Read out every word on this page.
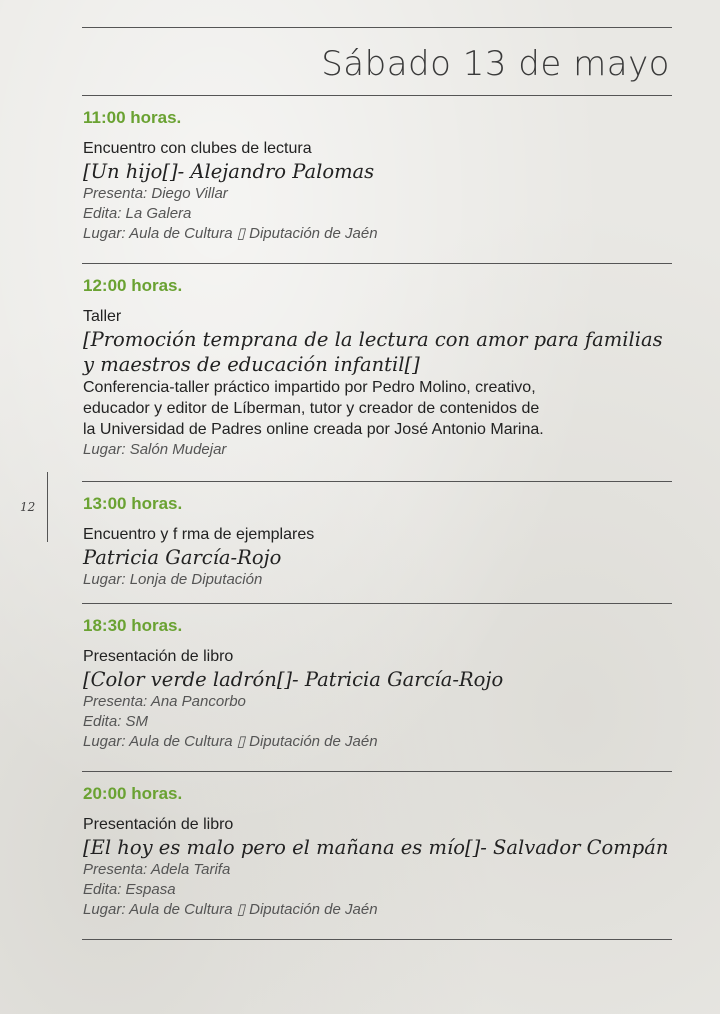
Sábado 13 de mayo
12
11:00 horas.
Encuentro con clubes de lectura
[Un hijo[]- Alejandro Palomas
Presenta: Diego Villar
Edita: La Galera
Lugar: Aula de Cultura ▯ Diputación de Jaén
12:00 horas.
Taller
[Promoción temprana de la lectura con amor para familias
y maestros de educación infantil[]
Conferencia-taller práctico impartido por Pedro Molino, creativo,
educador y editor de Líberman, tutor y creador de contenidos de
la Universidad de Padres online creada por José Antonio Marina.
Lugar: Salón Mudejar
13:00 horas.
Encuentro y f rma de ejemplares
Patricia García-Rojo
Lugar: Lonja de Diputación
18:30 horas.
Presentación de libro
[Color verde ladrón[]- Patricia García-Rojo
Presenta: Ana Pancorbo
Edita: SM
Lugar: Aula de Cultura ▯ Diputación de Jaén
20:00 horas.
Presentación de libro
[El hoy es malo pero el mañana es mío[]- Salvador Compán
Presenta: Adela Tarifa
Edita: Espasa
Lugar: Aula de Cultura ▯ Diputación de Jaén
